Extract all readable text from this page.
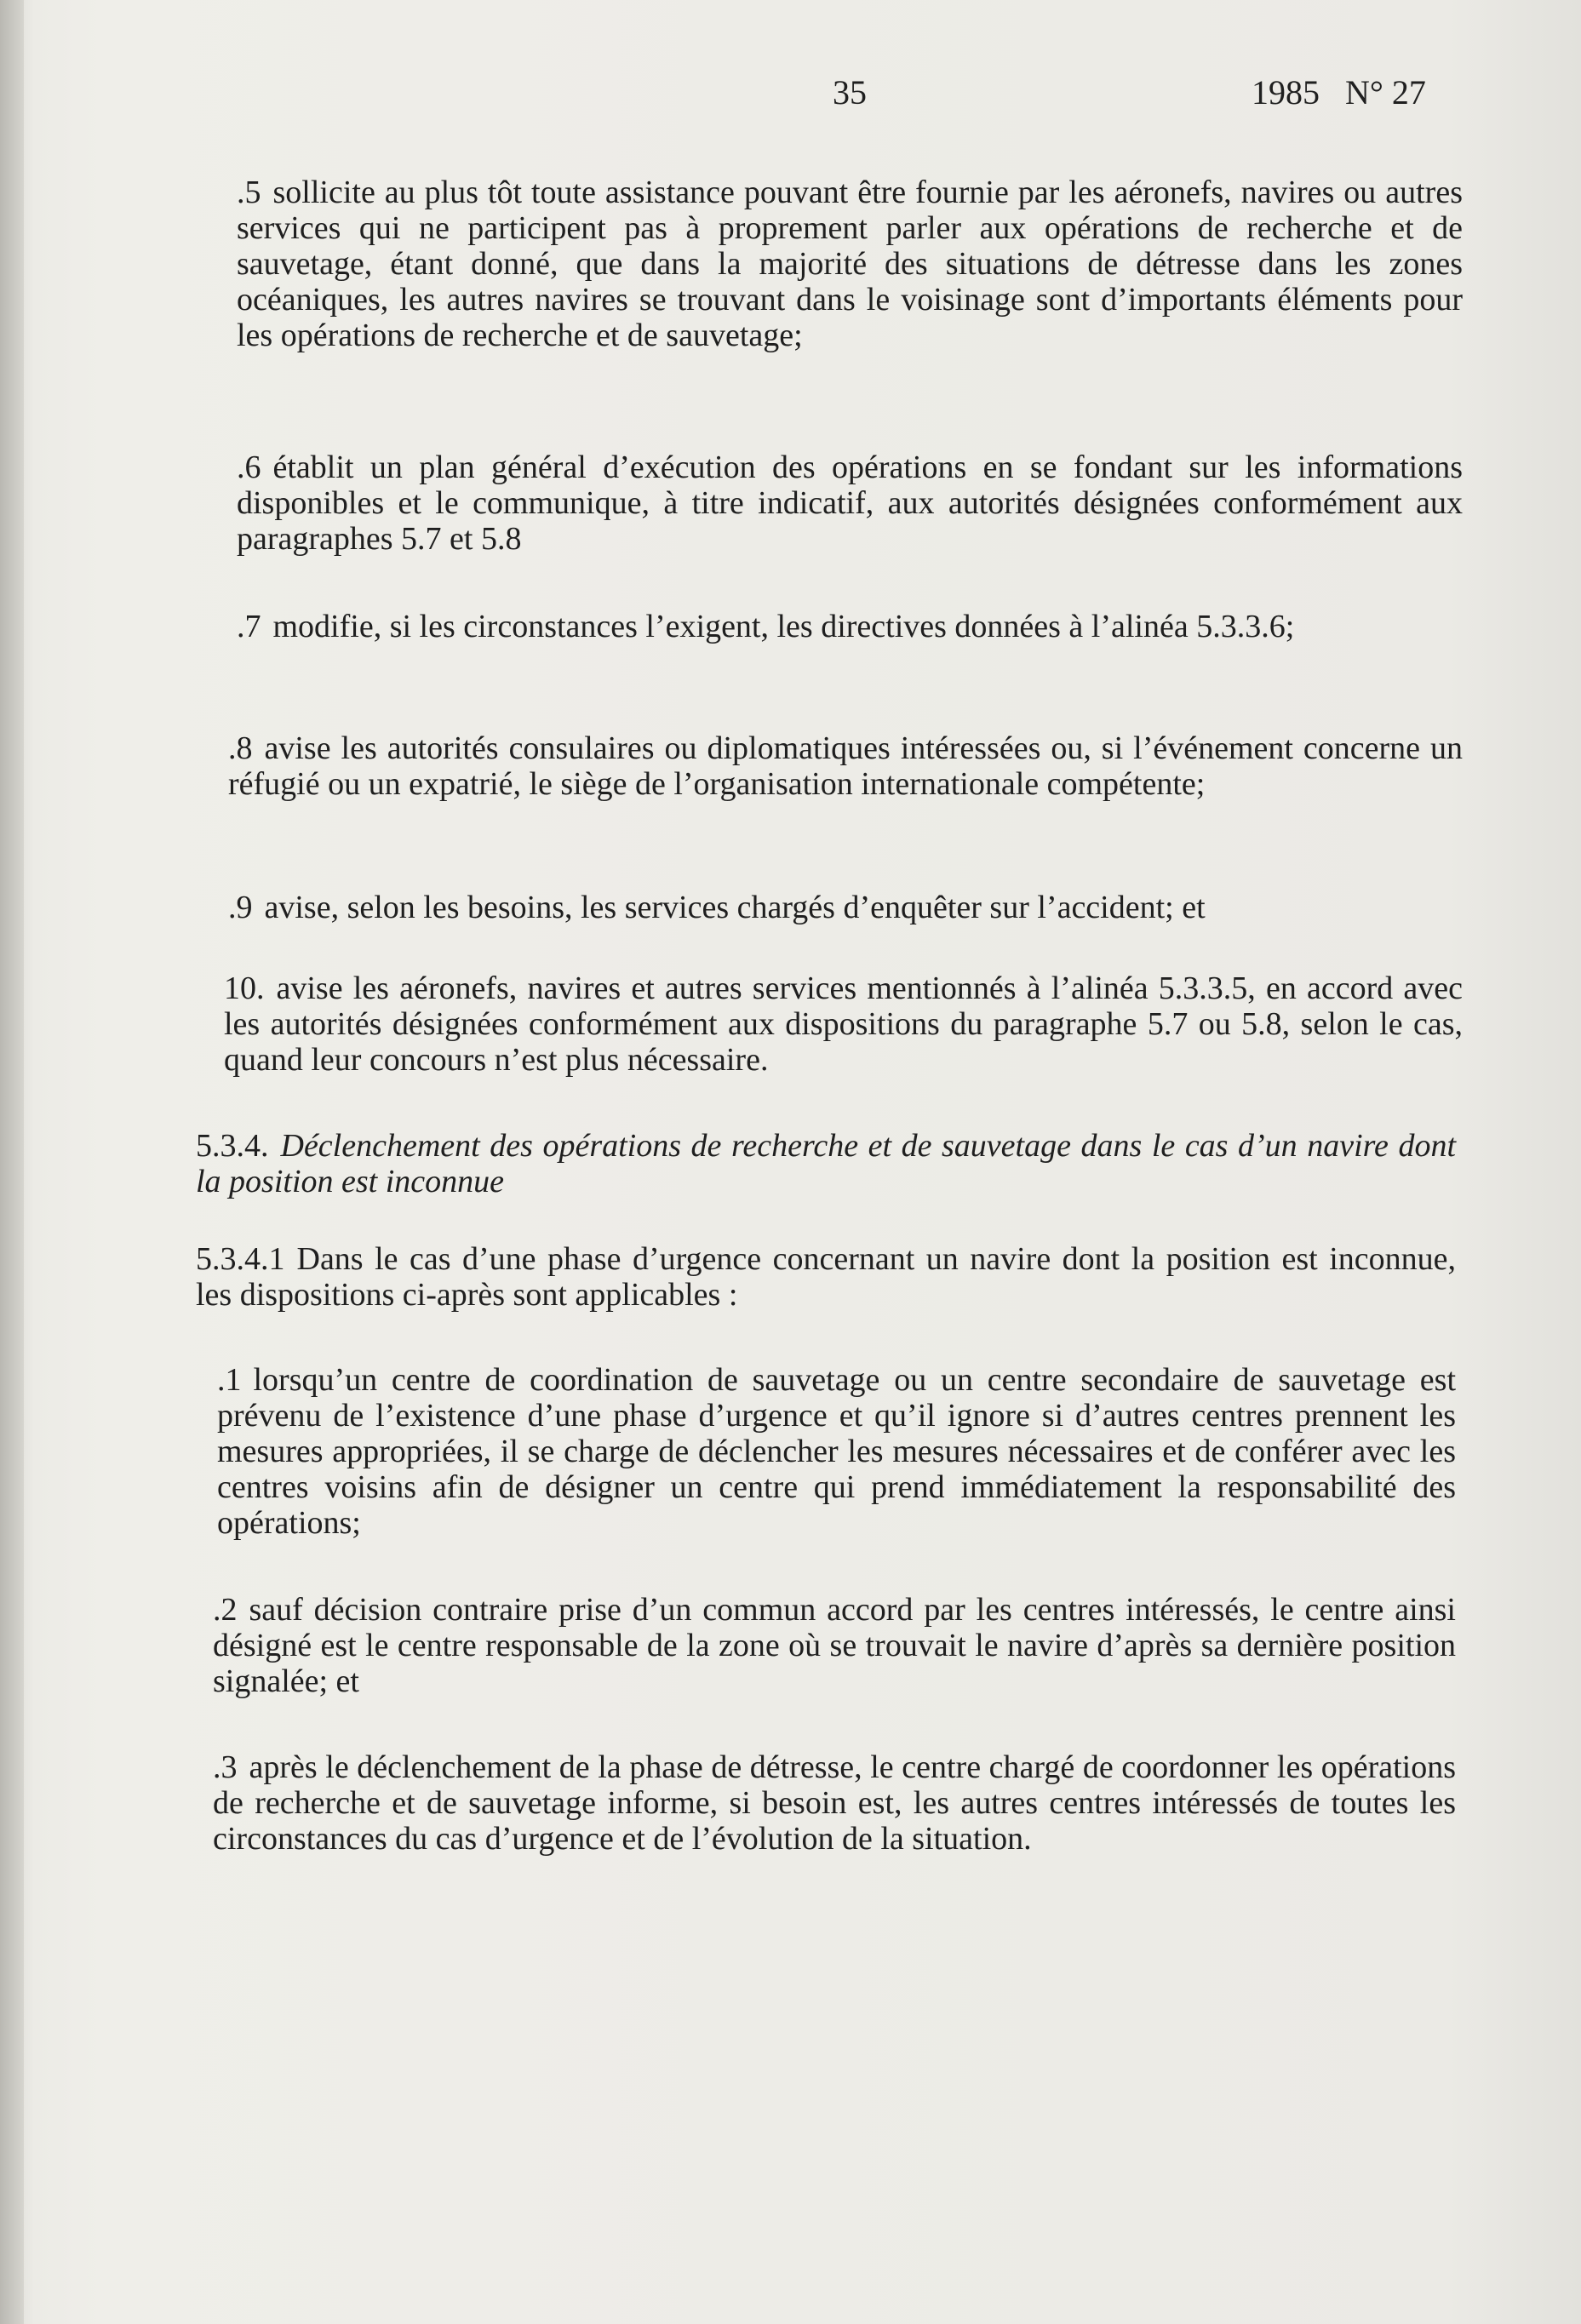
35	1985   N° 27

.5 sollicite au plus tôt toute assistance pouvant être fournie par les aéronefs, navires ou autres services qui ne participent pas à proprement parler aux opérations de recherche et de sauvetage, étant donné, que dans la majorité des situations de détresse dans les zones océaniques, les autres navires se trouvant dans le voisinage sont d’importants éléments pour les opérations de recherche et de sauvetage;

.6 établit un plan général d’exécution des opérations en se fondant sur les informations disponibles et le communique, à titre indicatif, aux autorités désignées conformément aux paragraphes 5.7 et 5.8

.7 modifie, si les circonstances l’exigent, les directives données à l’alinéa 5.3.3.6;

.8 avise les autorités consulaires ou diplomatiques intéressées ou, si l’événement concerne un réfugié ou un expatrié, le siège de l’organisation internationale compétente;

.9 avise, selon les besoins, les services chargés d’enquêter sur l’accident; et

10. avise les aéronefs, navires et autres services mentionnés à l’alinéa 5.3.3.5, en accord avec les autorités désignées conformément aux dispositions du paragraphe 5.7 ou 5.8, selon le cas, quand leur concours n’est plus nécessaire.

5.3.4. Déclenchement des opérations de recherche et de sauvetage dans le cas d’un navire dont la position est inconnue

5.3.4.1 Dans le cas d’une phase d’urgence concernant un navire dont la position est inconnue, les dispositions ci-après sont applicables :

.1 lorsqu’un centre de coordination de sauvetage ou un centre secondaire de sauvetage est prévenu de l’existence d’une phase d’urgence et qu’il ignore si d’autres centres prennent les mesures appropriées, il se charge de déclencher les mesures nécessaires et de conférer avec les centres voisins afin de désigner un centre qui prend immédiatement la responsabilité des opérations;

.2 sauf décision contraire prise d’un commun accord par les centres intéressés, le centre ainsi désigné est le centre responsable de la zone où se trouvait le navire d’après sa dernière position signalée; et

.3 après le déclenchement de la phase de détresse, le centre chargé de coordonner les opérations de recherche et de sauvetage informe, si besoin est, les autres centres intéressés de toutes les circonstances du cas d’urgence et de l’évolution de la situation.
